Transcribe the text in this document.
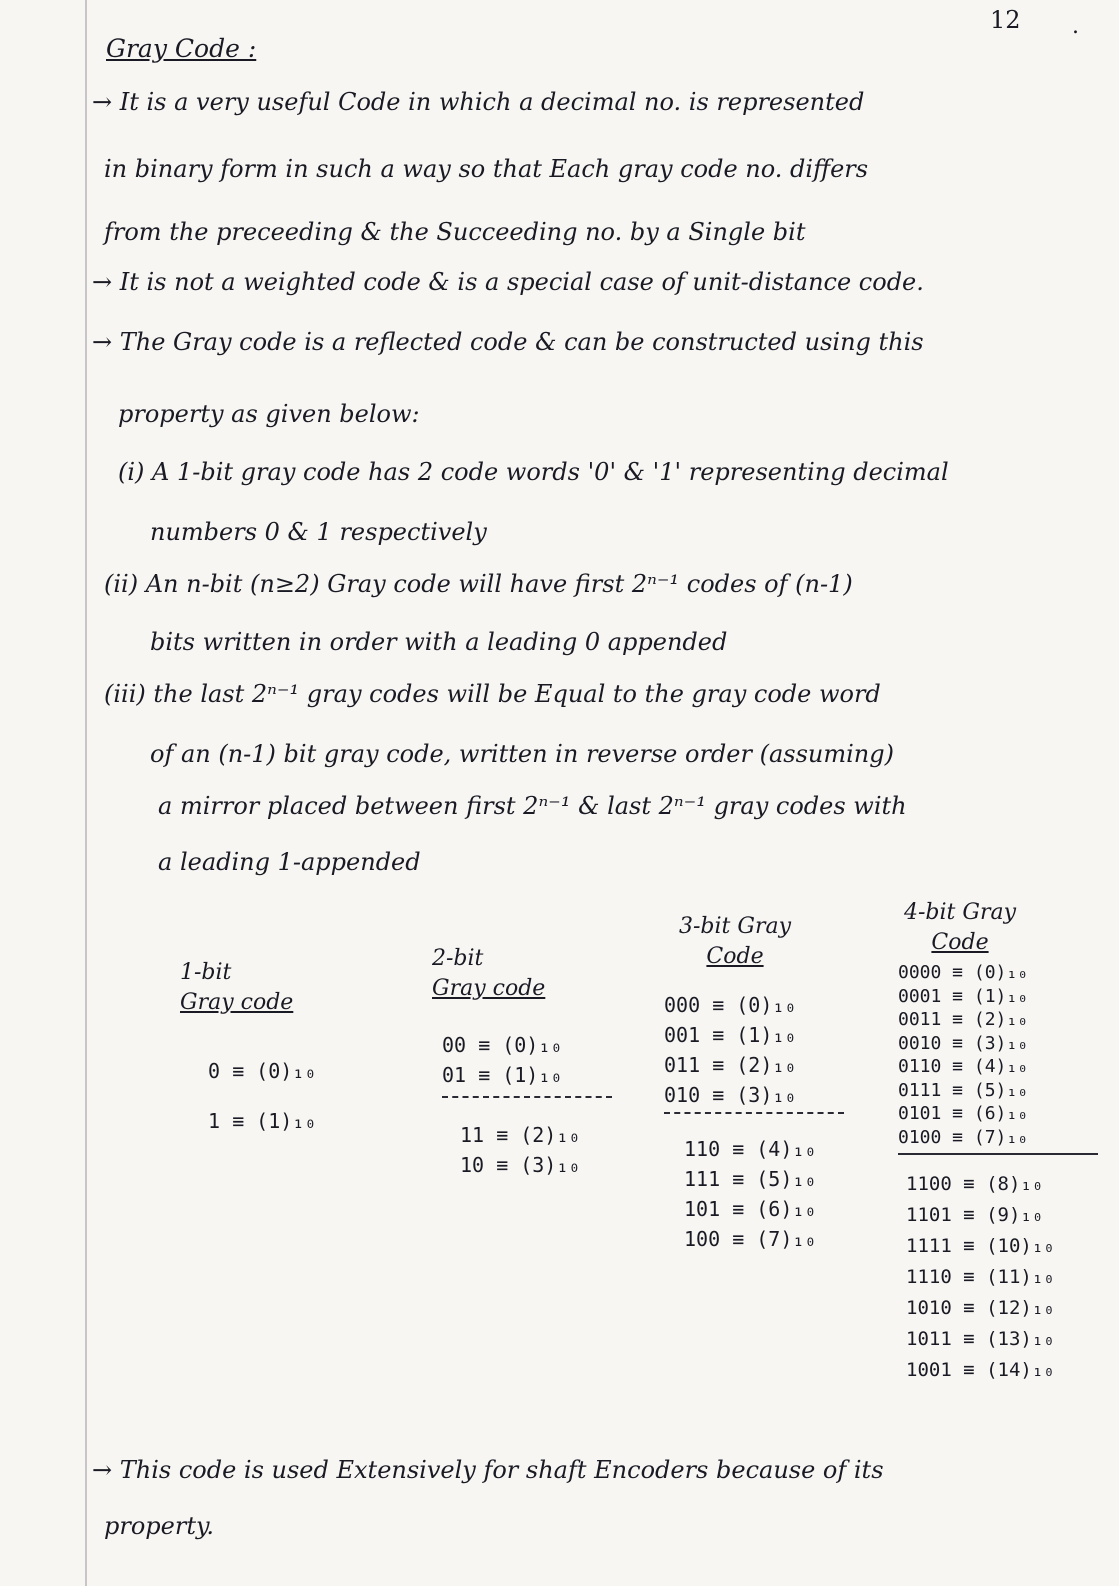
12 .
Gray Code :
→ It is a very useful Code in which a decimal no. is represented
in binary form in such a way so that Each gray code no. differs
from the preceeding & the Succeeding no. by a Single bit
→ It is not a weighted code & is a special case of unit-distance code.
→ The Gray code is a reflected code & can be constructed using this
property as given below:
(i) A 1-bit gray code has 2 code words '0' & '1' representing decimal
numbers 0 & 1 respectively
(ii) An n-bit (n≥2) Gray code will have first 2ⁿ⁻¹ codes of (n-1)
bits written in order with a leading 0 appended
(iii) the last 2ⁿ⁻¹ gray codes will be Equal to the gray code word
of an (n-1) bit gray code, written in reverse order (assuming)
a mirror placed between first 2ⁿ⁻¹ & last 2ⁿ⁻¹ gray codes with
a leading 1-appended
1-bit
Gray code
0 ≡ (0)₁₀
1 ≡ (1)₁₀
2-bit
Gray code
00 ≡ (0)₁₀
01 ≡ (1)₁₀
11 ≡ (2)₁₀
10 ≡ (3)₁₀
3-bit Gray
Code
000 ≡ (0)₁₀
001 ≡ (1)₁₀
011 ≡ (2)₁₀
010 ≡ (3)₁₀
110 ≡ (4)₁₀
111 ≡ (5)₁₀
101 ≡ (6)₁₀
100 ≡ (7)₁₀
4-bit Gray
Code
0000 ≡ (0)₁₀
0001 ≡ (1)₁₀
0011 ≡ (2)₁₀
0010 ≡ (3)₁₀
0110 ≡ (4)₁₀
0111 ≡ (5)₁₀
0101 ≡ (6)₁₀
0100 ≡ (7)₁₀
1100 ≡ (8)₁₀
1101 ≡ (9)₁₀
1111 ≡ (10)₁₀
1110 ≡ (11)₁₀
1010 ≡ (12)₁₀
1011 ≡ (13)₁₀
1001 ≡ (14)₁₀
→ This code is used Extensively for shaft Encoders because of its
property.
